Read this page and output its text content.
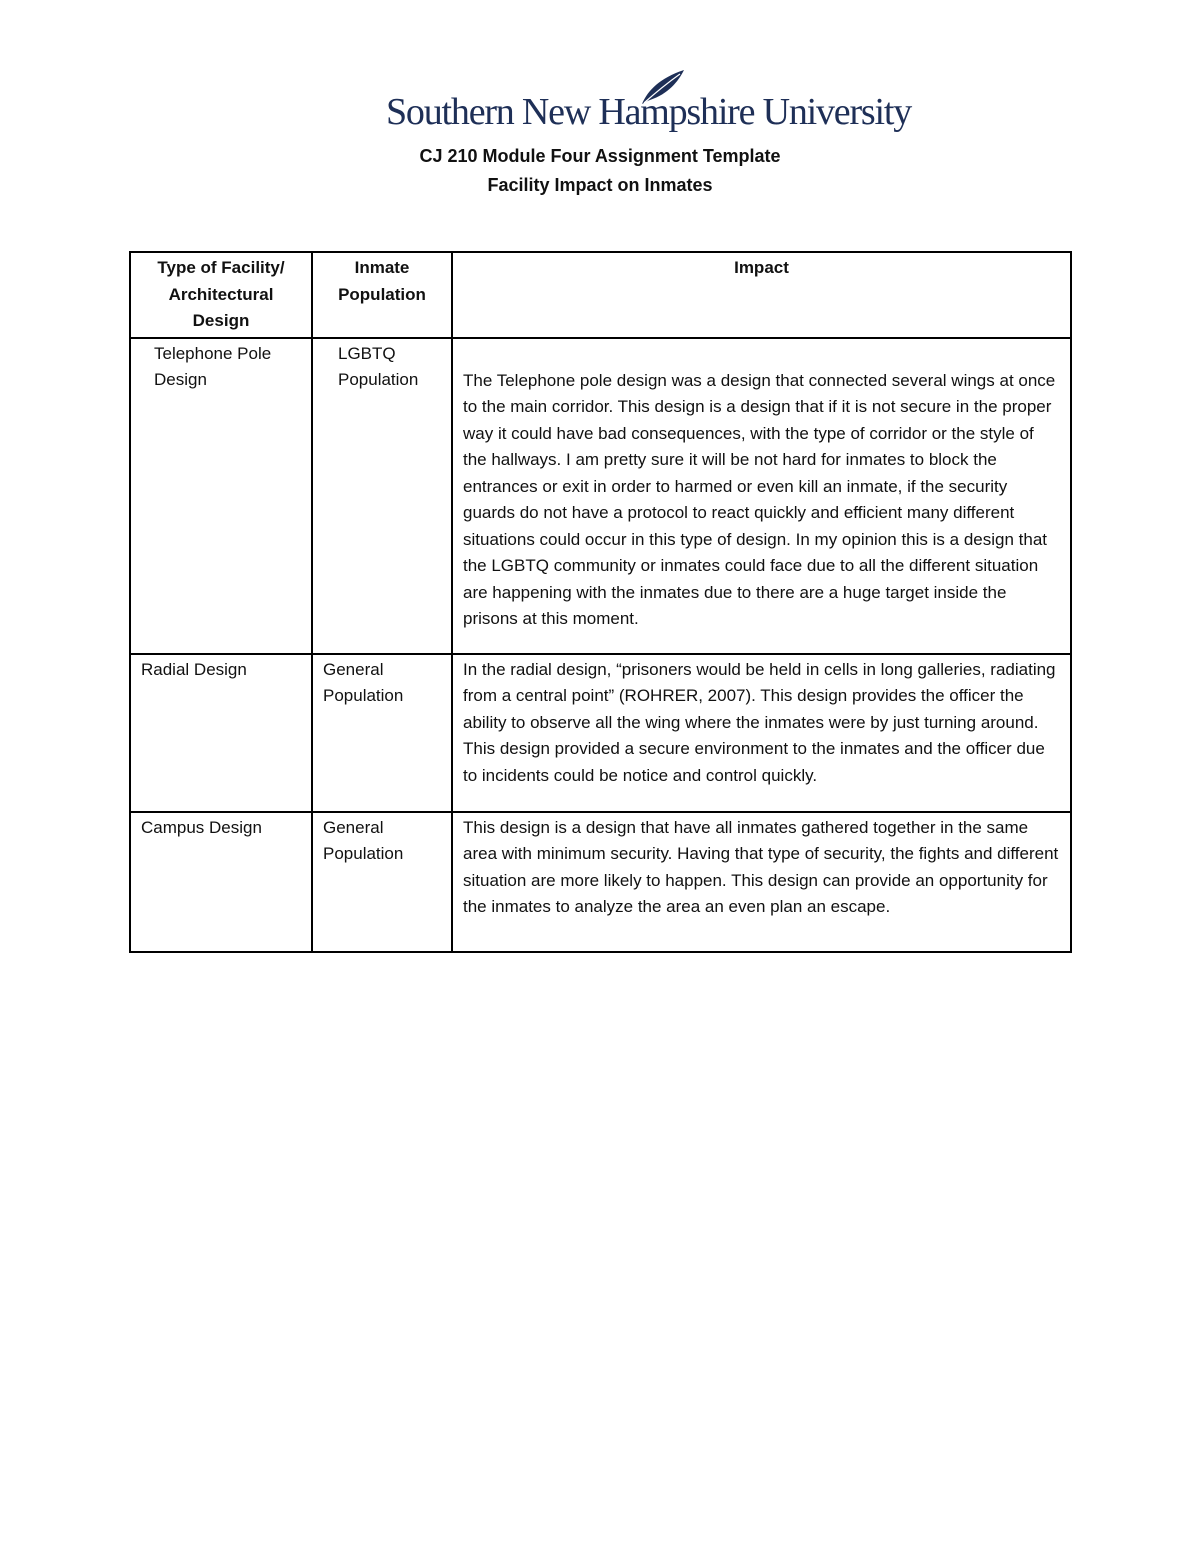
Southern New Hampshire University
CJ 210 Module Four Assignment Template
Facility Impact on Inmates
Type of Facility/ Architectural Design	Inmate Population	Impact
Telephone Pole Design	LGBTQ Population	The Telephone pole design was a design that connected several wings at once to the main corridor. This design is a design that if it is not secure in the proper way it could have bad consequences, with the type of corridor or the style of the hallways. I am pretty sure it will be not hard for inmates to block the entrances or exit in order to harmed or even kill an inmate, if the security guards do not have a protocol to react quickly and efficient many different situations could occur in this type of design. In my opinion this is a design that the LGBTQ community or inmates could face due to all the different situation are happening with the inmates due to there are a huge target inside the prisons at this moment.
Radial Design	General Population	In the radial design, “prisoners would be held in cells in long galleries, radiating from a central point” (ROHRER, 2007). This design provides the officer the ability to observe all the wing where the inmates were by just turning around. This design provided a secure environment to the inmates and the officer due to incidents could be notice and control quickly.
Campus Design	General Population	This design is a design that have all inmates gathered together in the same area with minimum security. Having that type of security, the fights and different situation are more likely to happen. This design can provide an opportunity for the inmates to analyze the area an even plan an escape.
